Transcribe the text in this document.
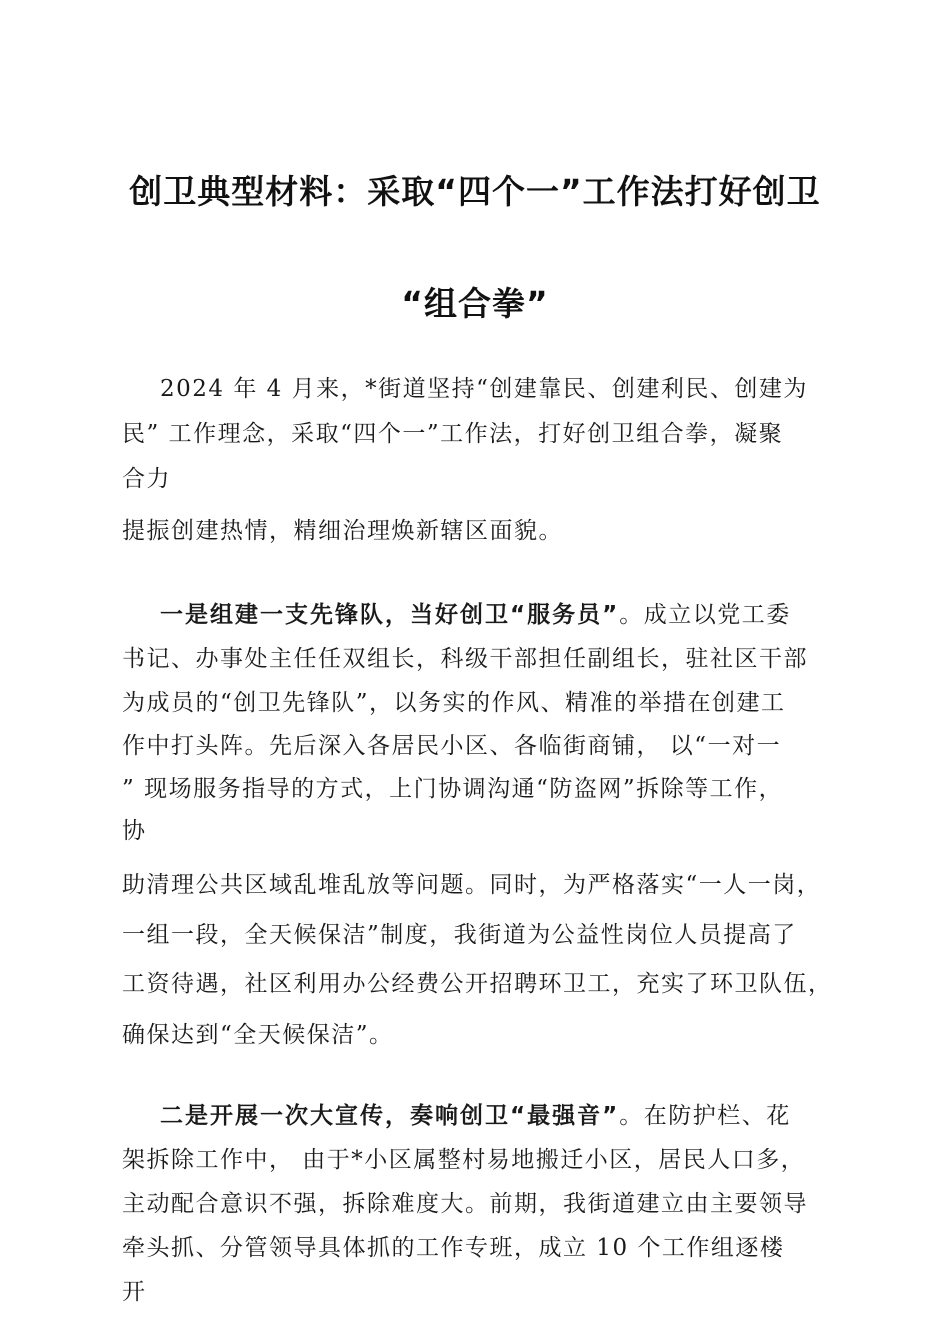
创卫典型材料：采取“四个一”工作法打好创卫
“组合拳”
2024 年 4 月来，*街道坚持“创建靠民、创建利民、创建为
民” 工作理念，采取“四个一”工作法，打好创卫组合拳，凝聚
合力
提振创建热情，精细治理焕新辖区面貌。
一是组建一支先锋队，当好创卫“服务员”。成立以党工委
书记、办事处主任任双组长，科级干部担任副组长，驻社区干部
为成员的“创卫先锋队”，以务实的作风、精准的举措在创建工
作中打头阵。先后深入各居民小区、各临街商铺， 以“一对一
” 现场服务指导的方式，上门协调沟通“防盗网”拆除等工作，
协
助清理公共区域乱堆乱放等问题。同时，为严格落实“一人一岗，
一组一段，全天候保洁”制度，我街道为公益性岗位人员提高了
工资待遇，社区利用办公经费公开招聘环卫工，充实了环卫队伍，
确保达到“全天候保洁”。
二是开展一次大宣传，奏响创卫“最强音”。在防护栏、花
架拆除工作中， 由于*小区属整村易地搬迁小区，居民人口多，
主动配合意识不强，拆除难度大。前期，我街道建立由主要领导
牵头抓、分管领导具体抓的工作专班，成立 10 个工作组逐楼
开
